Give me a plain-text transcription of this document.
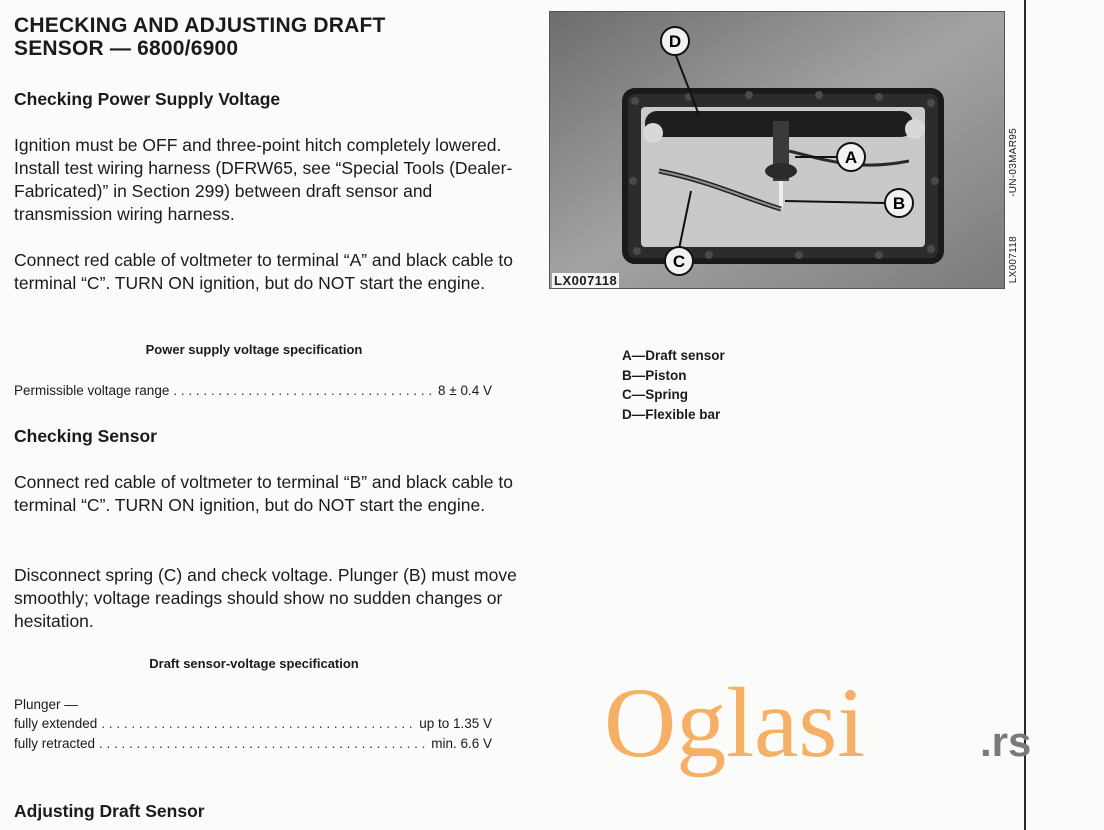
CHECKING AND ADJUSTING DRAFT
SENSOR — 6800/6900
Checking Power Supply Voltage
Ignition must be OFF and three-point hitch completely lowered. Install test wiring harness (DFRW65, see “Special Tools (Dealer-Fabricated)” in Section 299) between draft sensor and transmission wiring harness.
Connect red cable of voltmeter to terminal “A” and black cable to terminal “C”. TURN ON ignition, but do NOT start the engine.
Power supply voltage specification
Permissible voltage range . . .	8 ± 0.4 V
Checking Sensor
Connect red cable of voltmeter to terminal “B” and black cable to terminal “C”. TURN ON ignition, but do NOT start the engine.
Disconnect spring (C) and check voltage. Plunger (B) must move smoothly; voltage readings should show no sudden changes or hesitation.
Draft sensor-voltage specification
Plunger —
fully extended . . .	up to 1.35 V
fully retracted . . .	min. 6.6 V
Adjusting Draft Sensor
D
A
B
C
LX007118
-UN-03MAR95
LX007118
A—Draft sensor
B—Piston
C—Spring
D—Flexible bar
Oglasi	.rs
